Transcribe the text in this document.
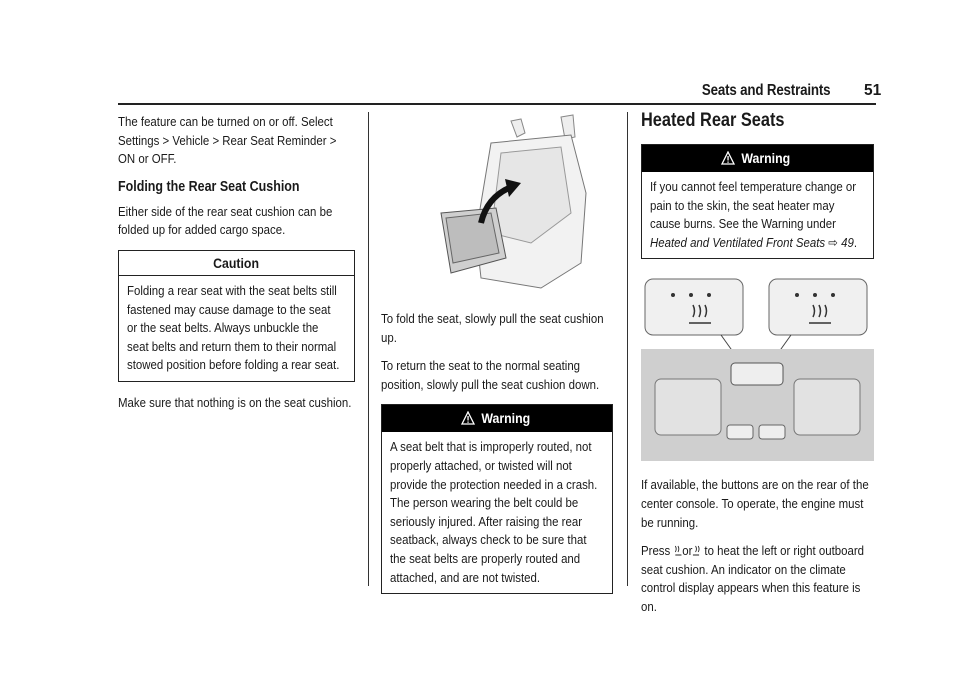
Seats and Restraints 51

The feature can be turned on or off. Select Settings > Vehicle > Rear Seat Reminder > ON or OFF.

Folding the Rear Seat Cushion

Either side of the rear seat cushion can be folded up for added cargo space.

Caution

Folding a rear seat with the seat belts still fastened may cause damage to the seat or the seat belts. Always unbuckle the seat belts and return them to their normal stowed position before folding a rear seat.

Make sure that nothing is on the seat cushion.

To fold the seat, slowly pull the seat cushion up.

To return the seat to the normal seating position, slowly pull the seat cushion down.

Warning

A seat belt that is improperly routed, not properly attached, or twisted will not provide the protection needed in a crash. The person wearing the belt could be seriously injured. After raising the rear seatback, always check to be sure that the seat belts are properly routed and attached, and are not twisted.

Heated Rear Seats
Warning

If you cannot feel temperature change or pain to the skin, the seat heater may cause burns. See the Warning under Heated and Ventilated Front Seats ⇨ 49.

If available, the buttons are on the rear of the center console. To operate, the engine must be running.

Press or to heat the left or right outboard seat cushion. An indicator on the climate control display appears when this feature is on.
